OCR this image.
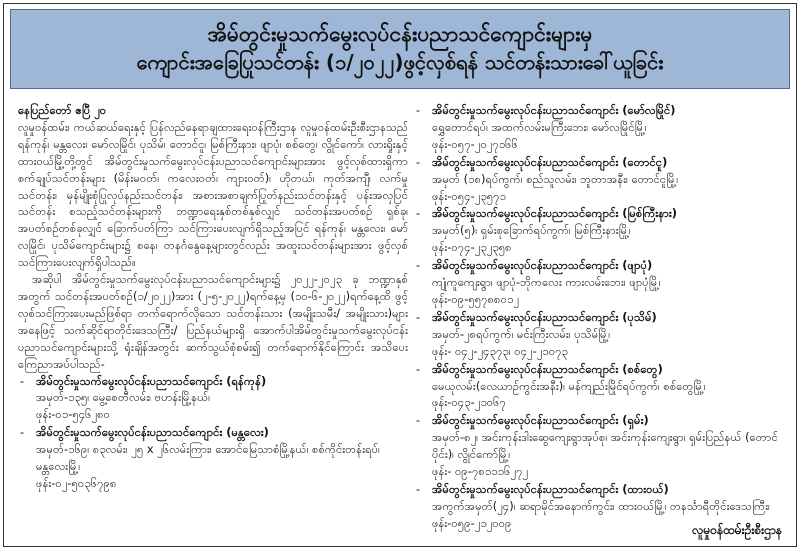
အိမ်တွင်းမှုသက်မွေးလုပ်ငန်းပညာသင်ကျောင်းများမှ
ကျောင်းအခြေပြုသင်တန်း (၁/၂၀၂၂)ဖွင့်လှစ်ရန် သင်တန်းသားခေါ်ယူခြင်း
နေပြည်တော် ဧပြီ ၂၀
လူမှုဝန်ထမ်း၊ ကယ်ဆယ်ရေးနှင့် ပြန်လည်နေရာချထားရေးဝန်ကြီးဌာန လူမှုဝန်ထမ်းဦးစီးဌာနသည် ရန်ကုန်၊ မန္တလေး၊ မော်လမြိုင်၊ ပုသိမ်၊ တောင်ငူ၊ မြစ်ကြီးနား၊ ဖျာပုံ၊ စစ်တွေ၊ လွိုင်ကော်၊ လားရှိုးနှင့် ထားဝယ်မြို့တို့တွင် အိမ်တွင်းမှုသက်မွေးလုပ်ငန်းပညာသင်ကျောင်းများအား ဖွင့်လှစ်ထားရှိကာ စက်ချုပ်သင်တန်းများ (မိန်းမဝတ်၊ ကလေးဝတ်၊ ကျားဝတ်)၊ ဟိုတယ်၊ ကုတ်အကျီ၊ လက်မှုသင်တန်း၊ မှန်မျိုးစုံပြုလုပ်နည်းသင်တန်း၊ အစားအစာချက်ပြုတ်နည်းသင်တန်းနှင့် ပန်းအလှပြင်သင်တန်း စသည့်သင်တန်းများကို ဘဏ္ဍာရေးနှစ်တစ်နှစ်လျှင် သင်တန်းအပတ်စဉ် ရှစ်ခု၊ အပတ်စဉ်တစ်ခုလျှင် ခြောက်ပတ်ကြာ သင်ကြားပေးလျက်ရှိသည့်အပြင် ရန်ကုန်၊ မန္တလေး၊ မော်လမြိုင်၊ ပုသိမ်ကျောင်းများ၌ စနေ၊ တနင်္ဂနွေနေ့များတွင်လည်း အထူးသင်တန်းများအား ဖွင့်လှစ်သင်ကြားပေးလျက်ရှိပါသည်။
အဆိုပါ အိမ်တွင်းမှုသက်မွေးလုပ်ငန်းပညာသင်ကျောင်းများ၌ ၂၀၂၂-၂၀၂၃ ခု ဘဏ္ဍာနှစ်အတွက် သင်တန်းအပတ်စဉ်(၁/၂၀၂၂)အား (၂-၅-၂၀၂၂)ရက်နေ့မှ (၁၀-၆-၂၀၂၂)ရက်နေ့ထိ ဖွင့်လှစ်သင်ကြားပေးမည်ဖြစ်ရာ တက်ရောက်လိုသော သင်တန်းသား (အမျိုးသမီး/ အမျိုးသား)များအနေဖြင့် သက်ဆိုင်ရာတိုင်းဒေသကြီး/ ပြည်နယ်များရှိ အောက်ပါအိမ်တွင်းမှုသက်မွေးလုပ်ငန်းပညာသင်ကျောင်းများသို့ ရုံးချိန်အတွင်း ဆက်သွယ်စုံစမ်း၍ တက်ရောက်နိုင်ကြောင်း အသိပေးကြေညာအပ်ပါသည်-
- အိမ်တွင်းမှုသက်မွေးလုပ်ငန်းပညာသင်ကျောင်း (ရန်ကုန်)
အမှတ်-၁၃၅၊ မွေ့စေတီလမ်း၊ ဗဟန်းမြို့နယ်၊
ဖုန်း-၀၁-၅၄၆၂၈၀
- အိမ်တွင်းမှုသက်မွေးလုပ်ငန်းပညာသင်ကျောင်း (မန္တလေး)
အမှတ်-၁၆၉၊ ၈၃လမ်း၊ ၂၅ x ၂၆လမ်းကြား၊ အောင်မြေသာစံမြို့နယ်၊ စစ်ကိုင်းတန်းရပ်၊ မန္တလေးမြို့၊
ဖုန်း-၀၂-၅၀၃၆၇၉၈
- အိမ်တွင်းမှုသက်မွေးလုပ်ငန်းပညာသင်ကျောင်း (မော်လမြိုင်)
ရွှေတောင်ရပ်၊ အထက်လမ်းမကြီးဘေး၊ မော်လမြိုင်မြို့၊
ဖုန်း-၀၅၇-၂၀၂၇၁၆၆
- အိမ်တွင်းမှုသက်မွေးလုပ်ငန်းပညာသင်ကျောင်း (တောင်ငူ)
အမှတ် (၁၈)ရပ်ကွက်၊ စည်သူလမ်း၊ ဘူတာအနီး၊ တောင်ငူမြို့၊
ဖုန်း-၀၅၄-၂၃၅၇၁
- အိမ်တွင်းမှုသက်မွေးလုပ်ငန်းပညာသင်ကျောင်း (မြစ်ကြီးနား)
အမှတ်(၅)၊ ရှမ်းစုခြောက်ရပ်ကွက်၊ မြစ်ကြီးနားမြို့၊
ဖုန်း-၀၇၄-၂၃၂၃၅၈
- အိမ်တွင်းမှုသက်မွေးလုပ်ငန်းပညာသင်ကျောင်း (ဖျာပုံ)
ကျုံကူကျေးရွာ၊ ဖျာပုံ-ဘိုကလေး ကားလမ်းဘေး၊ ဖျာပုံမြို့၊
ဖုန်း-၀၉-၅၅၇၈၈၀၁၂
- အိမ်တွင်းမှုသက်မွေးလုပ်ငန်းပညာသင်ကျောင်း (ပုသိမ်)
အမှတ်-၂၈ရပ်ကွက်၊ မင်းကြီးလမ်း၊ ပုသိမ်မြို့၊
ဖုန်း- ၀၄၂-၂၄၃၇၃၊ ၀၄၂-၂၁၀၇၃
- အိမ်တွင်းမှုသက်မွေးလုပ်ငန်းပညာသင်ကျောင်း (စစ်တွေ)
မေယုလမ်း(လေယာဉ်ကွင်းအနီး)၊ မန်ကျည်းမြိုင်ရပ်ကွက်၊ စစ်တွေမြို့၊
ဖုန်း-၀၄၃-၂၁၀၆၇
- အိမ်တွင်းမှုသက်မွေးလုပ်ငန်းပညာသင်ကျောင်း (ရှမ်း)
အမှတ်-၈၂၊ အင်းကုန်းဒါးဆွေကျေးရွာအုပ်စု၊ အင်းကုန်းကျေးရွာ၊ ရှမ်းပြည်နယ် (တောင်ပိုင်း)၊ လွိုင်ကော်မြို့၊
ဖုန်း- ၀၉-၇၈၁၁၁၆၂၇၂
- အိမ်တွင်းမှုသက်မွေးလုပ်ငန်းပညာသင်ကျောင်း (ထားဝယ်)
အကွက်အမှတ်(၂၄)၊ ဆရာမိုင်အနောက်ကွင်း၊ ထားဝယ်မြို့၊ တနင်္သာရီတိုင်းဒေသကြီး၊
ဖုန်း-၀၅၉-၂၁၂၀၀၉
လူမှုဝန်ထမ်းဦးစီးဌာန
